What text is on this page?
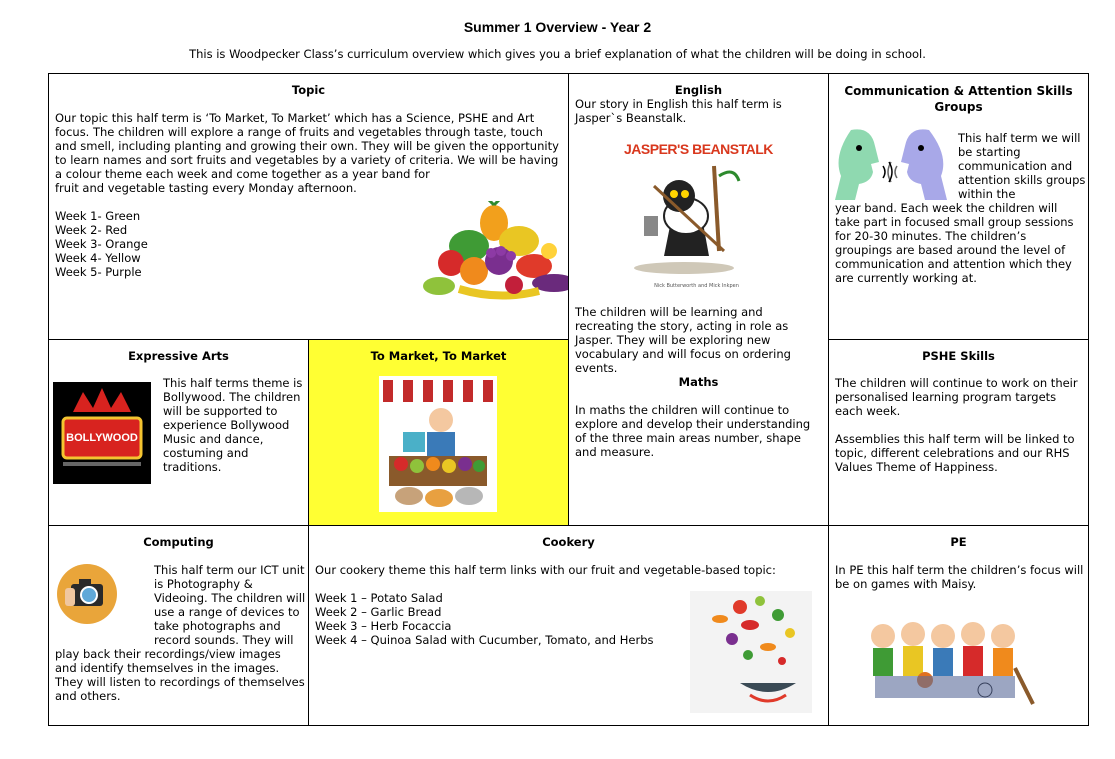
Summer 1 Overview - Year 2
This is Woodpecker Class’s curriculum overview which gives you a brief explanation of what the children will be doing in school.
Topic

Our topic this half term is ‘To Market, To Market’ which has a Science, PSHE and Art focus. The children will explore a range of fruits and vegetables through taste, touch and smell, including planting and growing their own. They will be given the opportunity to learn names and sort fruits and vegetables by a variety of criteria. We will be having a colour theme each week and come together as a year band for

fruit and vegetable tasting every Monday afternoon.

Week 1- Green

Week 2- Red

Week 3- Orange

Week 4- Yellow

Week 5- Purple

English

Our story in English this half term is Jasper`s Beanstalk.

JASPER'S BEANSTALK
Nick Butterworth and Mick Inkpen

The children will be learning and recreating the story, acting in role as Jasper. They will be exploring new vocabulary and will focus on ordering events.

Maths

In maths the children will continue to explore and develop their understanding of the three main areas number, shape and measure.

Communication & Attention Skills Groups

This half term we will be starting communication and attention skills groups within the

year band. Each week the children will take part in focused small group sessions for 20-30 minutes. The children’s groupings are based around the level of communication and attention which they are currently working at.

Expressive Arts
BOLLYWOOD

This half terms theme is Bollywood. The children will be supported to experience Bollywood Music and dance, costuming and traditions.

To Market, To Market	PSHE Skills

The children will continue to work on their personalised learning program targets each week.

Assemblies this half term will be linked to topic, different celebrations and our RHS Values Theme of Happiness.

Computing

This half term our ICT unit is Photography & Videoing. The children will use a range of devices to take photographs and record sounds. They will

play back their recordings/view images and identify themselves in the images. They will listen to recordings of themselves and others.

Cookery

Our cookery theme this half term links with our fruit and vegetable-based topic:

Week 1 – Potato Salad

Week 2 – Garlic Bread

Week 3 – Herb Focaccia

Week 4 – Quinoa Salad with Cucumber, Tomato, and Herbs

PE

In PE this half term the children’s focus will be on games with Maisy.
